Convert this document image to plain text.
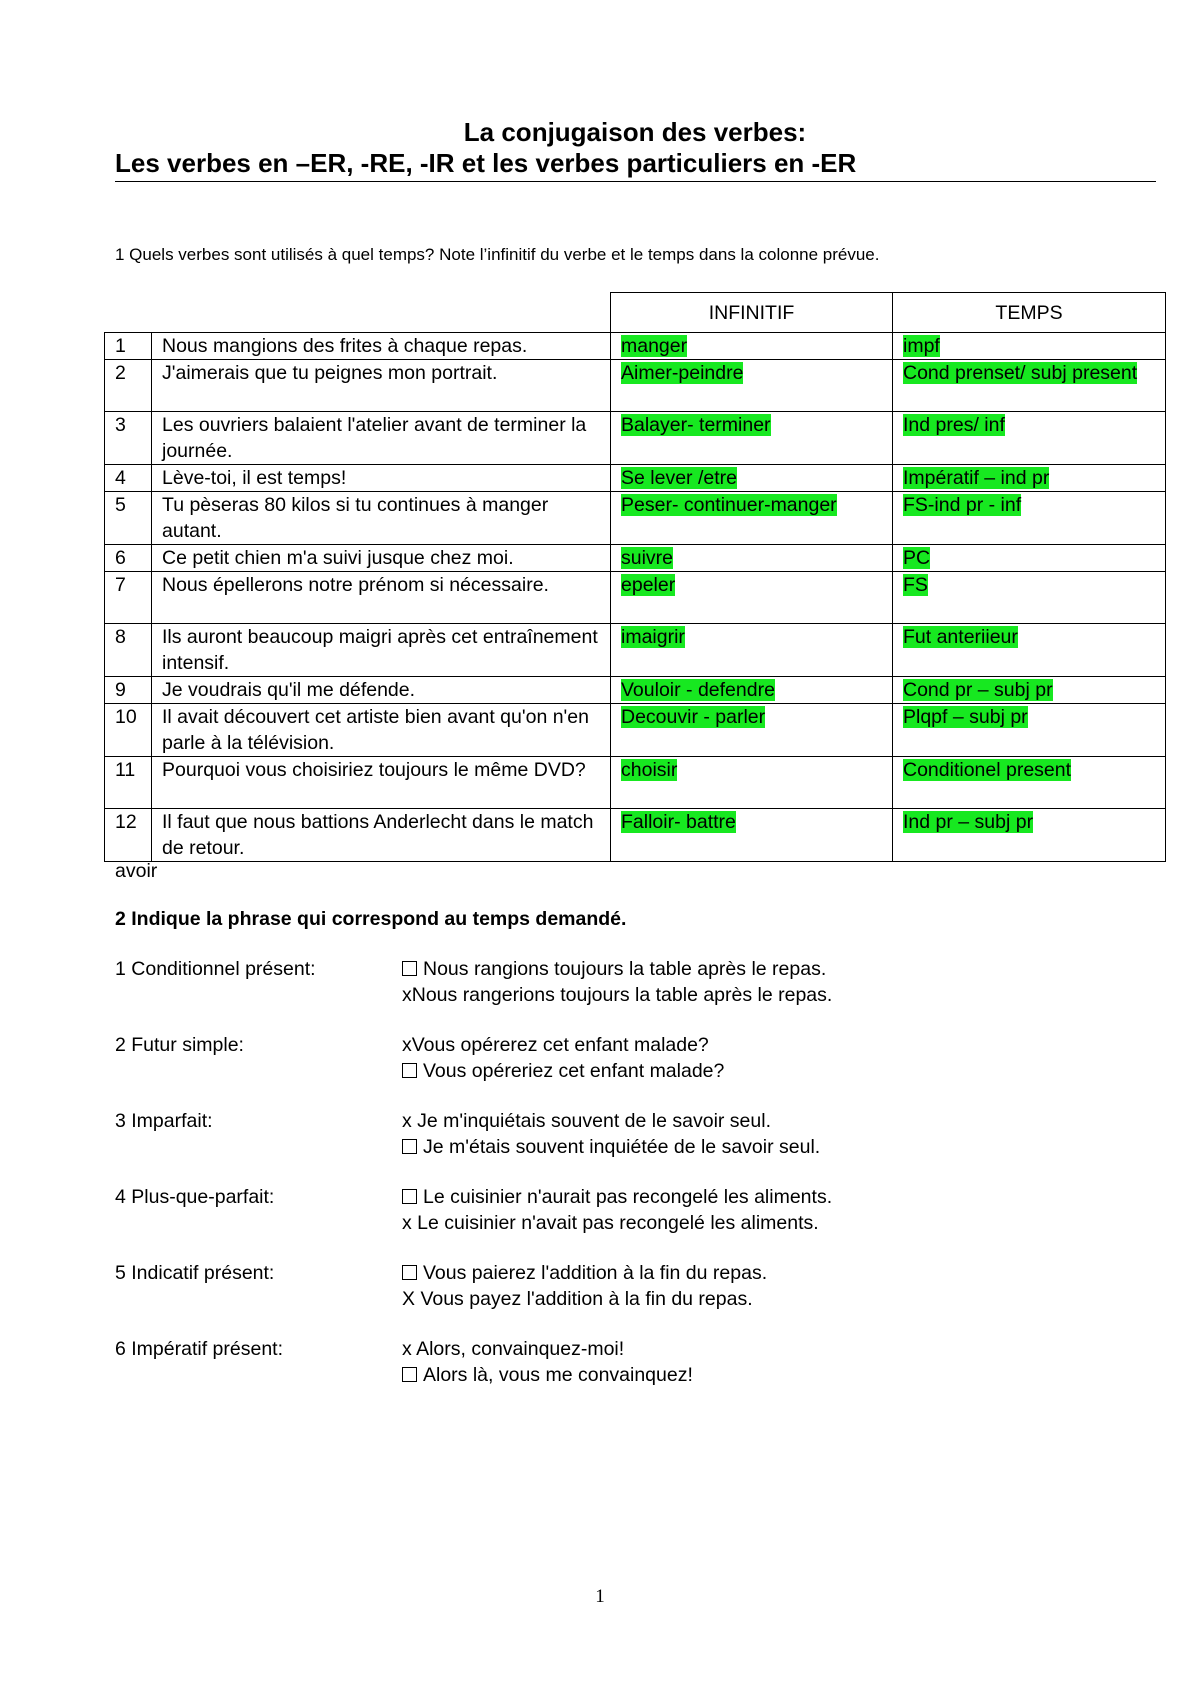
La conjugaison des verbes:
Les verbes en –ER, -RE, -IR et les verbes particuliers en -ER
1 Quels verbes sont utilisés à quel temps? Note l’infinitif du verbe et le temps dans la colonne prévue.
		INFINITIF	TEMPS
1	Nous mangions des frites à chaque repas.	manger	impf
2	J'aimerais que tu peignes mon portrait.	Aimer-peindre	Cond prenset/ subj present
3	Les ouvriers balaient l'atelier avant de terminer la journée.	Balayer- terminer	Ind pres/ inf
4	Lève-toi, il est temps!	Se lever /etre	Impératif – ind pr
5	Tu pèseras 80 kilos si tu continues à manger autant.	Peser- continuer-manger	FS-ind pr - inf
6	Ce petit chien m'a suivi jusque chez moi.	suivre	PC
7	Nous épellerons notre prénom si nécessaire.	epeler	FS
8	Ils auront beaucoup maigri après cet entraînement intensif.	imaigrir	Fut anteriieur
9	Je voudrais qu'il me défende.	Vouloir - defendre	Cond pr – subj pr
10	Il avait découvert cet artiste bien avant qu'on n'en parle à la télévision.	Decouvir - parler	Plqpf – subj pr
11	Pourquoi vous choisiriez toujours le même DVD?	choisir	Conditionel present
12	Il faut que nous battions Anderlecht dans le match de retour.	Falloir- battre	Ind pr – subj pr
avoir
2 Indique la phrase qui correspond au temps demandé.
1 Conditionnel présent:	Nous rangions toujours la table après le repas.
xNous rangerions toujours la table après le repas.
2 Futur simple:	xVous opérerez cet enfant malade?
Vous opéreriez cet enfant malade?
3 Imparfait:	x Je m'inquiétais souvent de le savoir seul.
Je m'étais souvent inquiétée de le savoir seul.
4 Plus-que-parfait:	Le cuisinier n'aurait pas recongelé les aliments.
x Le cuisinier n'avait pas recongelé les aliments.
5 Indicatif présent:	Vous paierez l'addition à la fin du repas.
X Vous payez l'addition à la fin du repas.
6 Impératif présent:	x Alors, convainquez-moi!
Alors là, vous me convainquez!
1
